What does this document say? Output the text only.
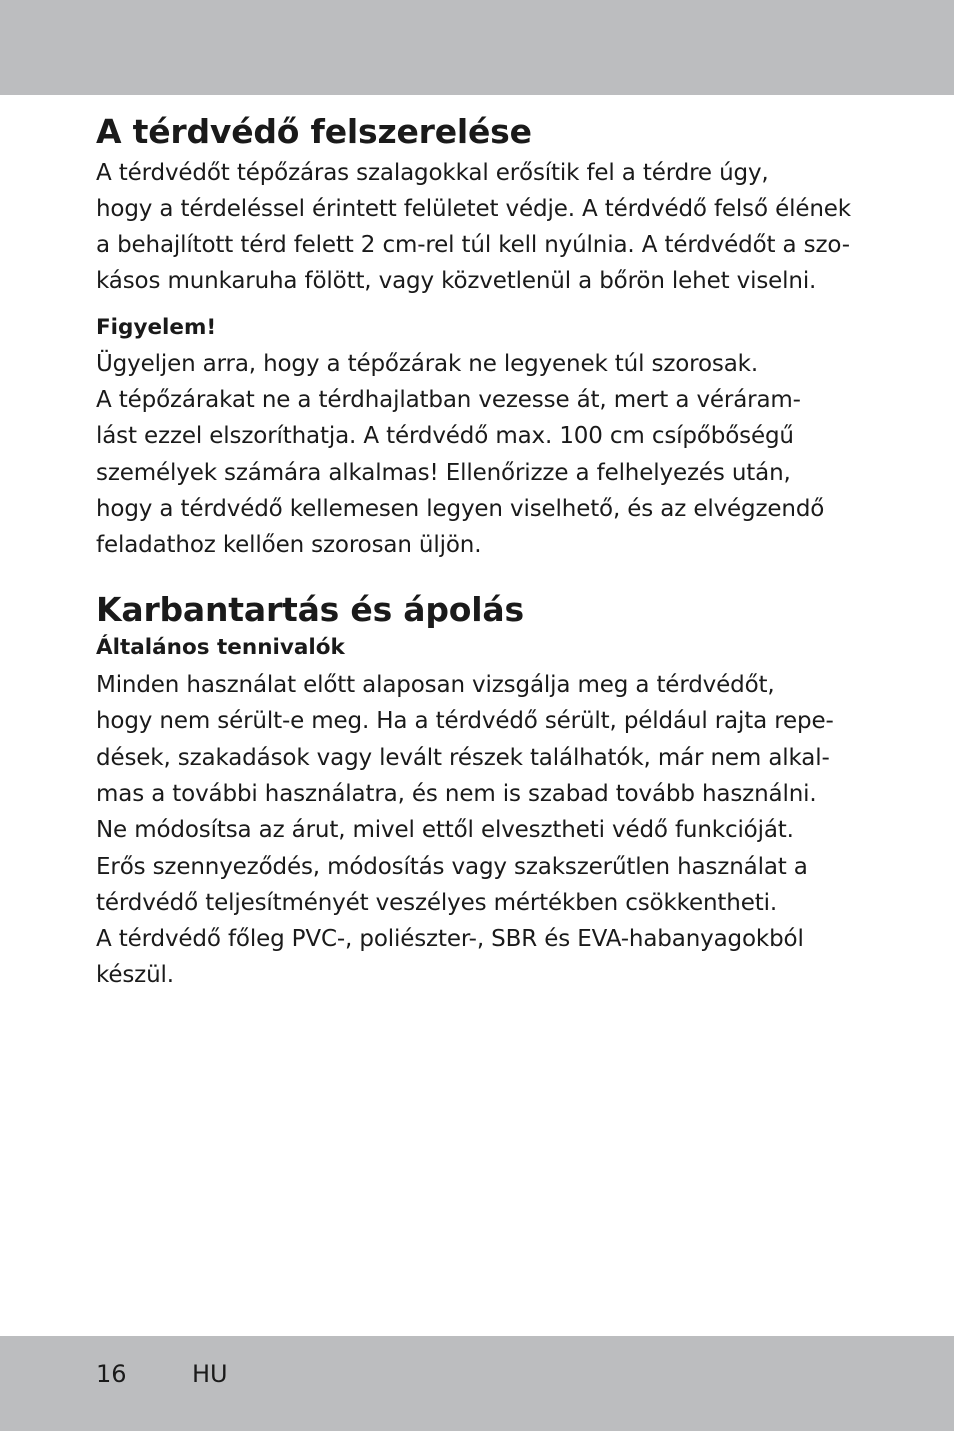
A térdvédő felszerelése
A térdvédőt tépőzáras szalagokkal erősítik fel a térdre úgy,
hogy a térdeléssel érintett felületet védje. A térdvédő felső élének
a behajlított térd felett 2 cm-rel túl kell nyúlnia. A térdvédőt a szo-
kásos munkaruha fölött, vagy közvetlenül a bőrön lehet viselni.
Figyelem!
Ügyeljen arra, hogy a tépőzárak ne legyenek túl szorosak.
A tépőzárakat ne a térdhajlatban vezesse át, mert a véráram-
lást ezzel elszoríthatja. A térdvédő max. 100 cm csípőbőségű
személyek számára alkalmas! Ellenőrizze a felhelyezés után,
hogy a térdvédő kellemesen legyen viselhető, és az elvégzendő
feladathoz kellően szorosan üljön.
Karbantartás és ápolás
Általános tennivalók
Minden használat előtt alaposan vizsgálja meg a térdvédőt,
hogy nem sérült-e meg. Ha a térdvédő sérült, például rajta repe-
dések, szakadások vagy levált részek találhatók, már nem alkal-
mas a további használatra, és nem is szabad tovább használni.
Ne módosítsa az árut, mivel ettől elvesztheti védő funkcióját.
Erős szennyeződés, módosítás vagy szakszerűtlen használat a
térdvédő teljesítményét veszélyes mértékben csökkentheti.
A térdvédő főleg PVC-, poliészter-, SBR és EVA-habanyagokból
készül.
16	HU
